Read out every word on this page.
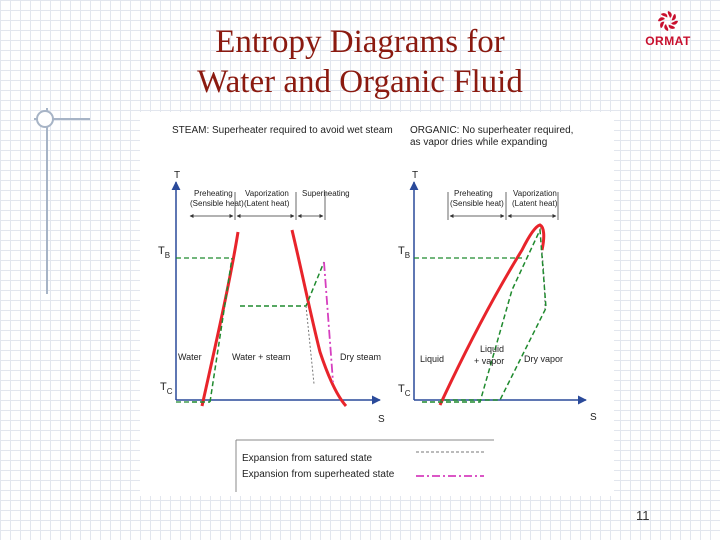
Entropy Diagrams for
Water and Organic Fluid
ORMAT
STEAM: Superheater required to avoid wet steam
T
S
$T_B$
$T_C$
Preheating
(Sensible heat)
Vaporization
(Latent heat)
Superheating
Water	Water + steam	Dry steam
ORGANIC: No superheater required,
as vapor dries while expanding
T
S
$T_B$
$T_C$
Preheating
(Sensible heat)
Vaporization
(Latent heat)
Liquid
Liquid
+ vapor Dry vapor
Expansion from satured state
Expansion from superheated state
11
